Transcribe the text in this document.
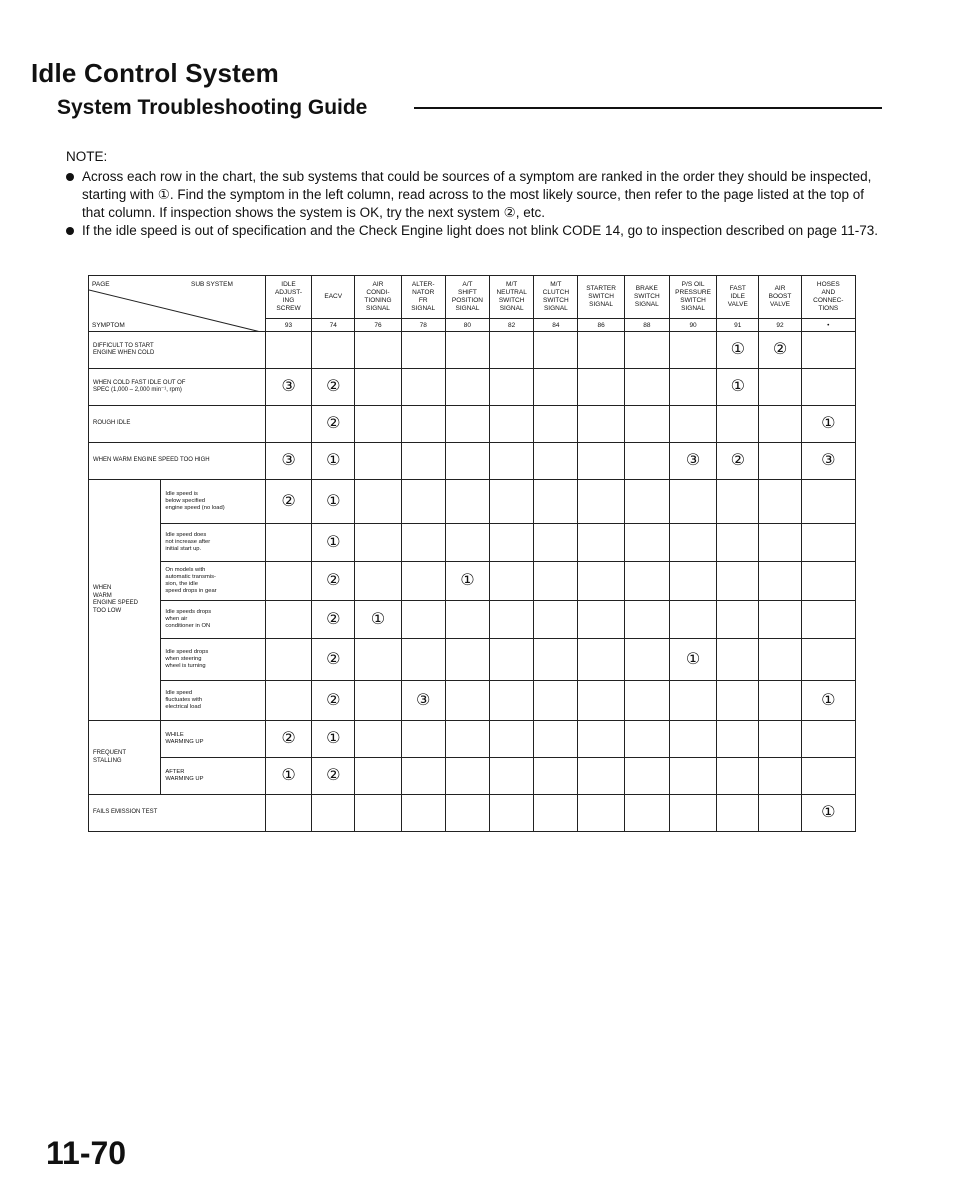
Idle Control System
System Troubleshooting Guide
NOTE:
Across each row in the chart, the sub systems that could be sources of a symptom are ranked in the order they should be inspected, starting with ①. Find the symptom in the left column, read across to the most likely source, then refer to the page listed at the top of that column. If inspection shows the system is OK, try the next system ②, etc.
If the idle speed is out of specification and the Check Engine light does not blink CODE 14, go to inspection described on page 11-73.
PAGE SUB SYSTEM
SYMPTOM		IDLE
ADJUST-
ING
SCREW	EACV	AIR
CONDI-
TIONING
SIGNAL	ALTER-
NATOR
FR
SIGNAL	A/T
SHIFT
POSITION
SIGNAL	M/T
NEUTRAL
SWITCH
SIGNAL	M/T
CLUTCH
SWITCH
SIGNAL	STARTER
SWITCH
SIGNAL	BRAKE
SWITCH
SIGNAL	P/S OIL
PRESSURE
SWITCH
SIGNAL	FAST
IDLE
VALVE	AIR
BOOST
VALVE	HOSES
AND
CONNEC-
TIONS
		93	74	76	78	80	82	84	86	88	90	91	92	•
DIFFICULT TO START
ENGINE WHEN COLD												①	②	
WHEN COLD FAST IDLE OUT OF
SPEC (1,000 – 2,000 min⁻¹, rpm)		③	②									①		
ROUGH IDLE			②											①
WHEN WARM ENGINE SPEED TOO HIGH		③	①								③	②		③
WHEN
WARM
ENGINE SPEED
TOO LOW	Idle speed is
below specified
engine speed (no load)	②	①											
	Idle speed does
not increase after
initial start up.		①											
	On models with
automatic transmis-
sion, the idle
speed drops in gear		②			①								
	Idle speeds drops
when air
conditioner in ON		②	①										
	Idle speed drops
when steering
wheel is turning		②								①			
	Idle speed
fluctuates with
electrical load		②		③									①
FREQUENT
STALLING	WHILE
WARMING UP	②	①											
	AFTER
WARMING UP	①	②											
FAILS EMISSION TEST														①
11-70
